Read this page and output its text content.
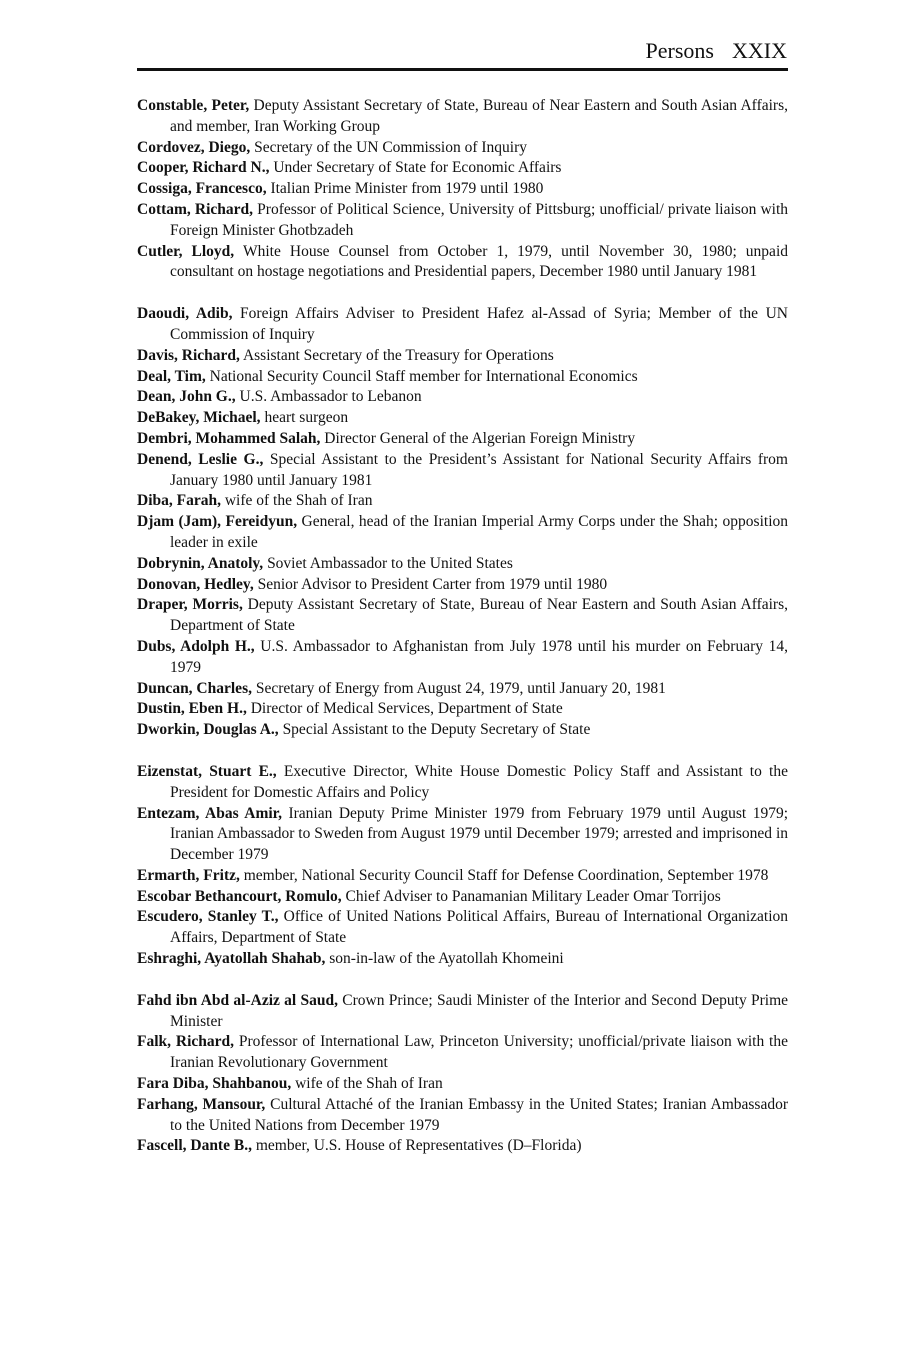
Persons XXIX

Constable, Peter, Deputy Assistant Secretary of State, Bureau of Near Eastern and South Asian Affairs, and member, Iran Working Group

Cordovez, Diego, Secretary of the UN Commission of Inquiry

Cooper, Richard N., Under Secretary of State for Economic Affairs

Cossiga, Francesco, Italian Prime Minister from 1979 until 1980

Cottam, Richard, Professor of Political Science, University of Pittsburg; unofficial/ private liaison with Foreign Minister Ghotbzadeh

Cutler, Lloyd, White House Counsel from October 1, 1979, until November 30, 1980; unpaid consultant on hostage negotiations and Presidential papers, December 1980 until January 1981

Daoudi, Adib, Foreign Affairs Adviser to President Hafez al-Assad of Syria; Member of the UN Commission of Inquiry

Davis, Richard, Assistant Secretary of the Treasury for Operations

Deal, Tim, National Security Council Staff member for International Economics

Dean, John G., U.S. Ambassador to Lebanon

DeBakey, Michael, heart surgeon

Dembri, Mohammed Salah, Director General of the Algerian Foreign Ministry

Denend, Leslie G., Special Assistant to the President’s Assistant for National Security Affairs from January 1980 until January 1981

Diba, Farah, wife of the Shah of Iran

Djam (Jam), Fereidyun, General, head of the Iranian Imperial Army Corps under the Shah; opposition leader in exile

Dobrynin, Anatoly, Soviet Ambassador to the United States

Donovan, Hedley, Senior Advisor to President Carter from 1979 until 1980

Draper, Morris, Deputy Assistant Secretary of State, Bureau of Near Eastern and South Asian Affairs, Department of State

Dubs, Adolph H., U.S. Ambassador to Afghanistan from July 1978 until his murder on February 14, 1979

Duncan, Charles, Secretary of Energy from August 24, 1979, until January 20, 1981

Dustin, Eben H., Director of Medical Services, Department of State

Dworkin, Douglas A., Special Assistant to the Deputy Secretary of State

Eizenstat, Stuart E., Executive Director, White House Domestic Policy Staff and Assistant to the President for Domestic Affairs and Policy

Entezam, Abas Amir, Iranian Deputy Prime Minister 1979 from February 1979 until August 1979; Iranian Ambassador to Sweden from August 1979 until December 1979; arrested and imprisoned in December 1979

Ermarth, Fritz, member, National Security Council Staff for Defense Coordination, September 1978

Escobar Bethancourt, Romulo, Chief Adviser to Panamanian Military Leader Omar Torrijos

Escudero, Stanley T., Office of United Nations Political Affairs, Bureau of International Organization Affairs, Department of State

Eshraghi, Ayatollah Shahab, son-in-law of the Ayatollah Khomeini

Fahd ibn Abd al-Aziz al Saud, Crown Prince; Saudi Minister of the Interior and Second Deputy Prime Minister

Falk, Richard, Professor of International Law, Princeton University; unofficial/private liaison with the Iranian Revolutionary Government

Fara Diba, Shahbanou, wife of the Shah of Iran

Farhang, Mansour, Cultural Attaché of the Iranian Embassy in the United States; Iranian Ambassador to the United Nations from December 1979

Fascell, Dante B., member, U.S. House of Representatives (D–Florida)
